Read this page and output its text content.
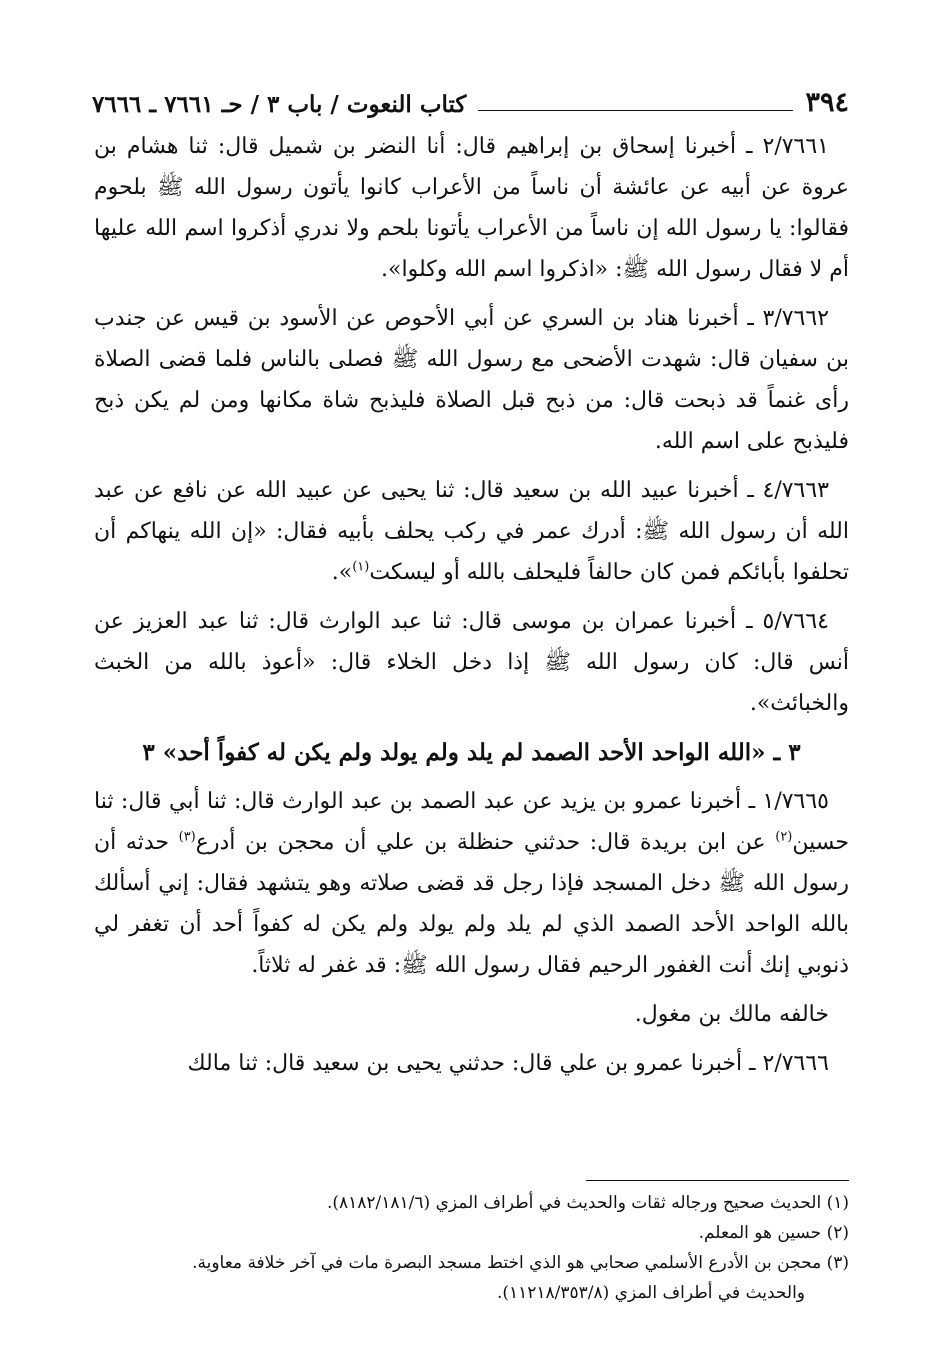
٣٩٤
كتاب النعوت / باب ٣ / حـ ٧٦٦١ ـ ٧٦٦٦

٢/٧٦٦١ ـ أخبرنا إسحاق بن إبراهيم قال: أنا النضر بن شميل قال: ثنا هشام بن عروة عن أبيه عن عائشة أن ناساً من الأعراب كانوا يأتون رسول الله ﷺ بلحوم فقالوا: يا رسول الله إن ناساً من الأعراب يأتونا بلحم ولا ندري أذكروا اسم الله عليها أم لا فقال رسول الله ﷺ: «اذكروا اسم الله وكلوا».

٣/٧٦٦٢ ـ أخبرنا هناد بن السري عن أبي الأحوص عن الأسود بن قيس عن جندب بن سفيان قال: شهدت الأضحى مع رسول الله ﷺ فصلى بالناس فلما قضى الصلاة رأى غنماً قد ذبحت قال: من ذبح قبل الصلاة فليذبح شاة مكانها ومن لم يكن ذبح فليذبح على اسم الله.

٤/٧٦٦٣ ـ أخبرنا عبيد الله بن سعيد قال: ثنا يحيى عن عبيد الله عن نافع عن عبد الله أن رسول الله ﷺ: أدرك عمر في ركب يحلف بأبيه فقال: «إن الله ينهاكم أن تحلفوا بأبائكم فمن كان حالفاً فليحلف بالله أو ليسكت$^{(١)}$».

٥/٧٦٦٤ ـ أخبرنا عمران بن موسى قال: ثنا عبد الوارث قال: ثنا عبد العزيز عن أنس قال: كان رسول الله ﷺ إذا دخل الخلاء قال: «أعوذ بالله من الخبث والخبائث».

٣ ـ «الله الواحد الأحد الصمد لم يلد ولم يولد ولم يكن له كفواً أحد» ٣

١/٧٦٦٥ ـ أخبرنا عمرو بن يزيد عن عبد الصمد بن عبد الوارث قال: ثنا أبي قال: ثنا حسين$^{(٢)}$ عن ابن بريدة قال: حدثني حنظلة بن علي أن محجن بن أدرع$^{(٣)}$ حدثه أن رسول الله ﷺ دخل المسجد فإذا رجل قد قضى صلاته وهو يتشهد فقال: إني أسألك بالله الواحد الأحد الصمد الذي لم يلد ولم يولد ولم يكن له كفواً أحد أن تغفر لي ذنوبي إنك أنت الغفور الرحيم فقال رسول الله ﷺ: قد غفر له ثلاثاً.

خالفه مالك بن مغول.

٢/٧٦٦٦ ـ أخبرنا عمرو بن علي قال: حدثني يحيى بن سعيد قال: ثنا مالك

(١) الحديث صحيح ورجاله ثقات والحديث في أطراف المزي (٨١٨٢/١٨١/٦).

(٢) حسين هو المعلم.

(٣) محجن بن الأدرع الأسلمي صحابي هو الذي اختط مسجد البصرة مات في آخر خلافة معاوية.

والحديث في أطراف المزي (١١٢١٨/٣٥٣/٨).
